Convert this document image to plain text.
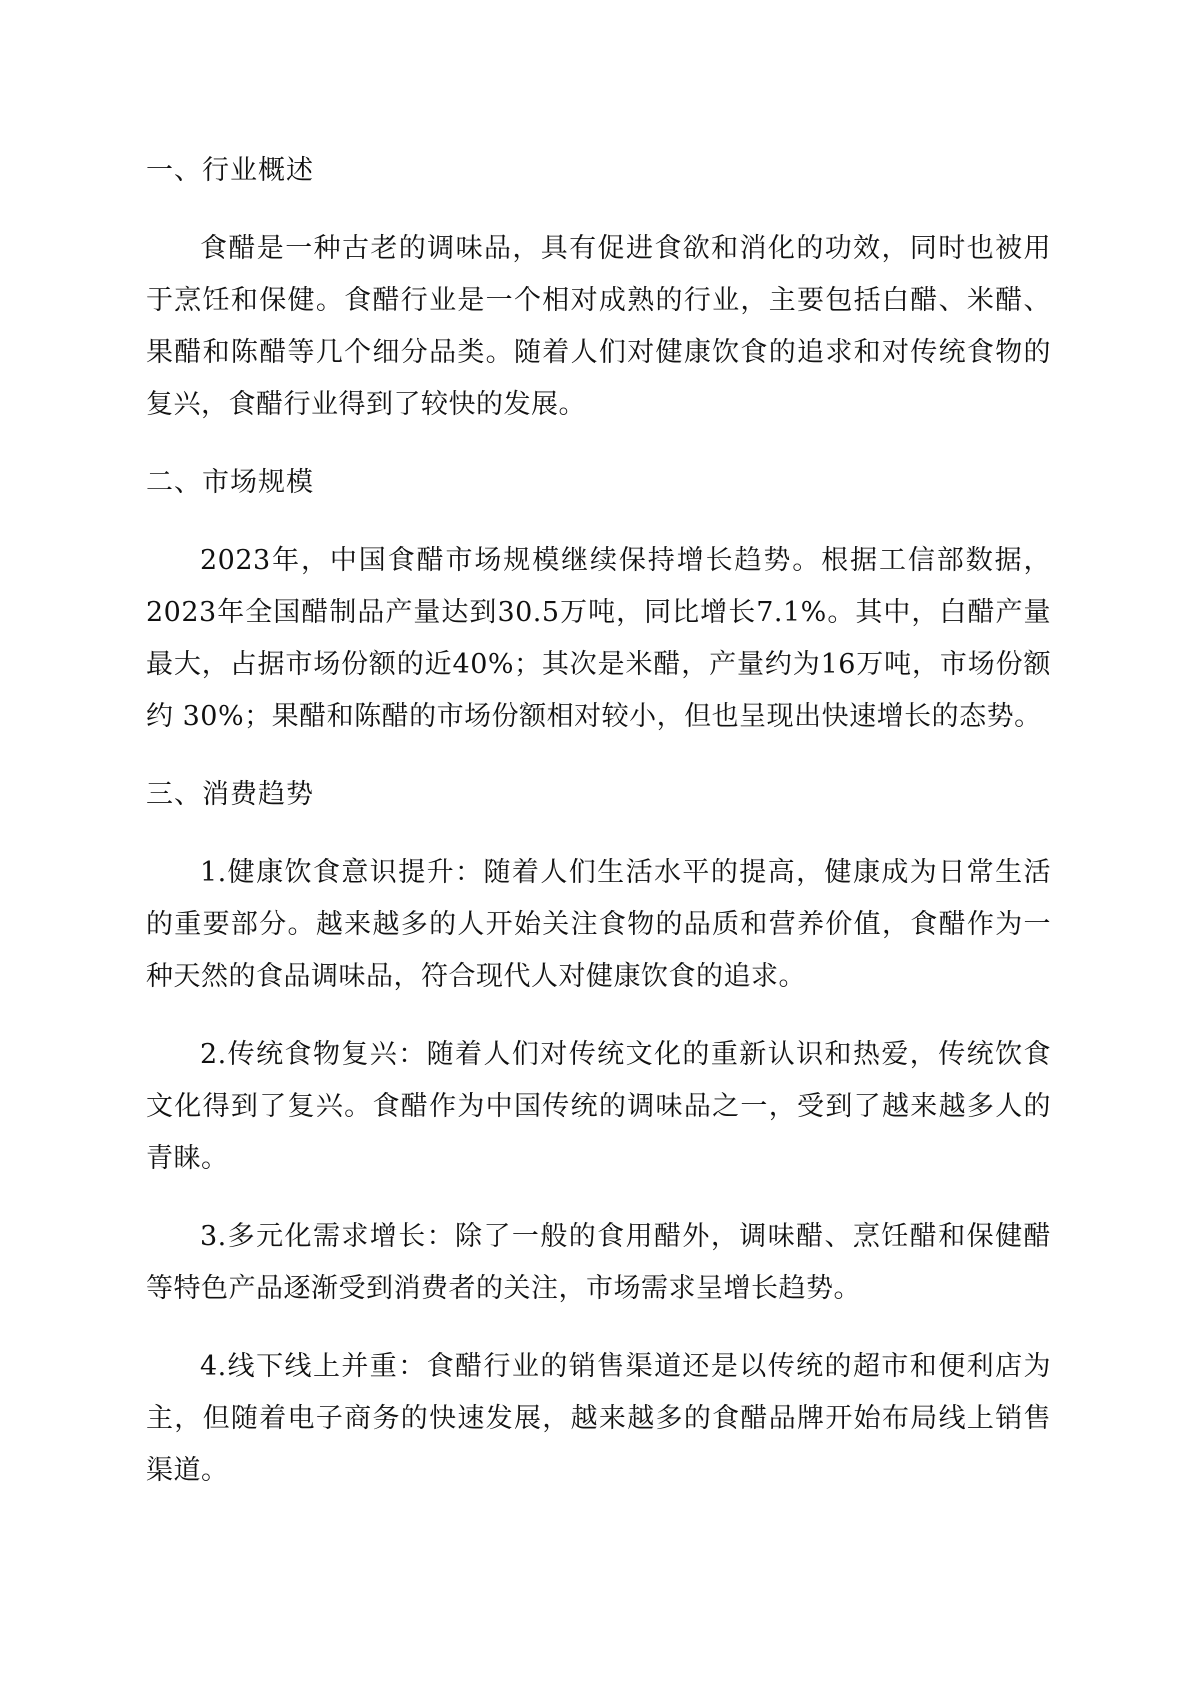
一、行业概述

食醋是一种古老的调味品，具有促进食欲和消化的功效，同时也被用于烹饪和保健。食醋行业是一个相对成熟的行业，主要包括白醋、米醋、果醋和陈醋等几个细分品类。随着人们对健康饮食的追求和对传统食物的复兴，食醋行业得到了较快的发展。

二、市场规模

2023年，中国食醋市场规模继续保持增长趋势。根据工信部数据，2023年全国醋制品产量达到30.5万吨，同比增长7.1%。其中，白醋产量最大，占据市场份额的近40%；其次是米醋，产量约为16万吨，市场份额约 30%；果醋和陈醋的市场份额相对较小，但也呈现出快速增长的态势。

三、消费趋势

1.健康饮食意识提升：随着人们生活水平的提高，健康成为日常生活的重要部分。越来越多的人开始关注食物的品质和营养价值，食醋作为一种天然的食品调味品，符合现代人对健康饮食的追求。

2.传统食物复兴：随着人们对传统文化的重新认识和热爱，传统饮食文化得到了复兴。食醋作为中国传统的调味品之一，受到了越来越多人的青睐。

3.多元化需求增长：除了一般的食用醋外，调味醋、烹饪醋和保健醋等特色产品逐渐受到消费者的关注，市场需求呈增长趋势。

4.线下线上并重：食醋行业的销售渠道还是以传统的超市和便利店为主，但随着电子商务的快速发展，越来越多的食醋品牌开始布局线上销售渠道。
